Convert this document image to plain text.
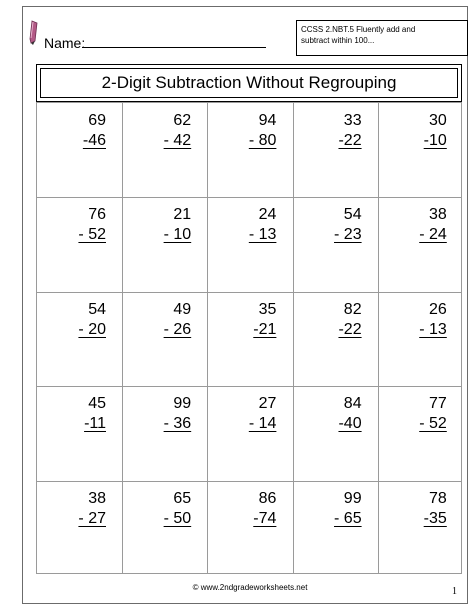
Name:
CCSS 2.NBT.5 Fluently add and
subtract within 100...
2-Digit Subtraction Without Regrouping
69
-46
62
- 42
94
- 80
33
-22
30
-10
76
- 52
21
- 10
24
- 13
54
- 23
38
- 24
54
- 20
49
- 26
35
-21
82
-22
26
- 13
45
-11
99
- 36
27
- 14
84
-40
77
- 52
38
- 27
65
- 50
86
-74
99
- 65
78
-35
© www.2ndgradeworksheets.net	1
